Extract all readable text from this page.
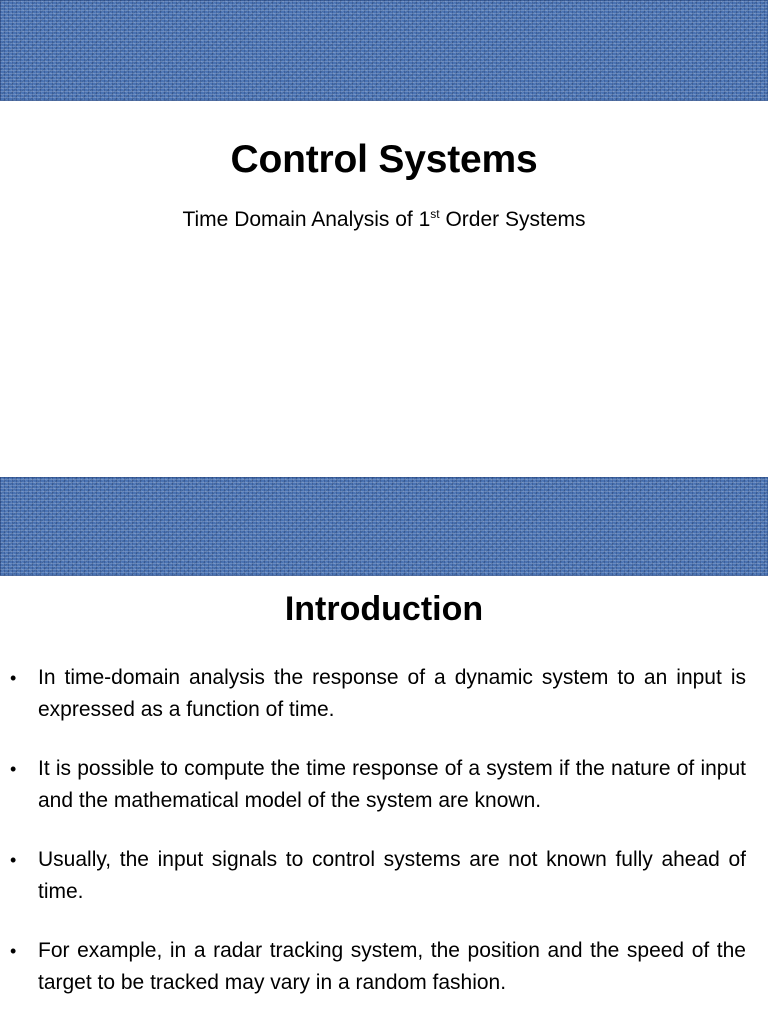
Control Systems

Time Domain Analysis of 1st Order Systems

Introduction
• In time-domain analysis the response of a dynamic system to an input is expressed as a function of time.
• It is possible to compute the time response of a system if the nature of input and the mathematical model of the system are known.
• Usually, the input signals to control systems are not known fully ahead of time.
• For example, in a radar tracking system, the position and the speed of the target to be tracked may vary in a random fashion.
